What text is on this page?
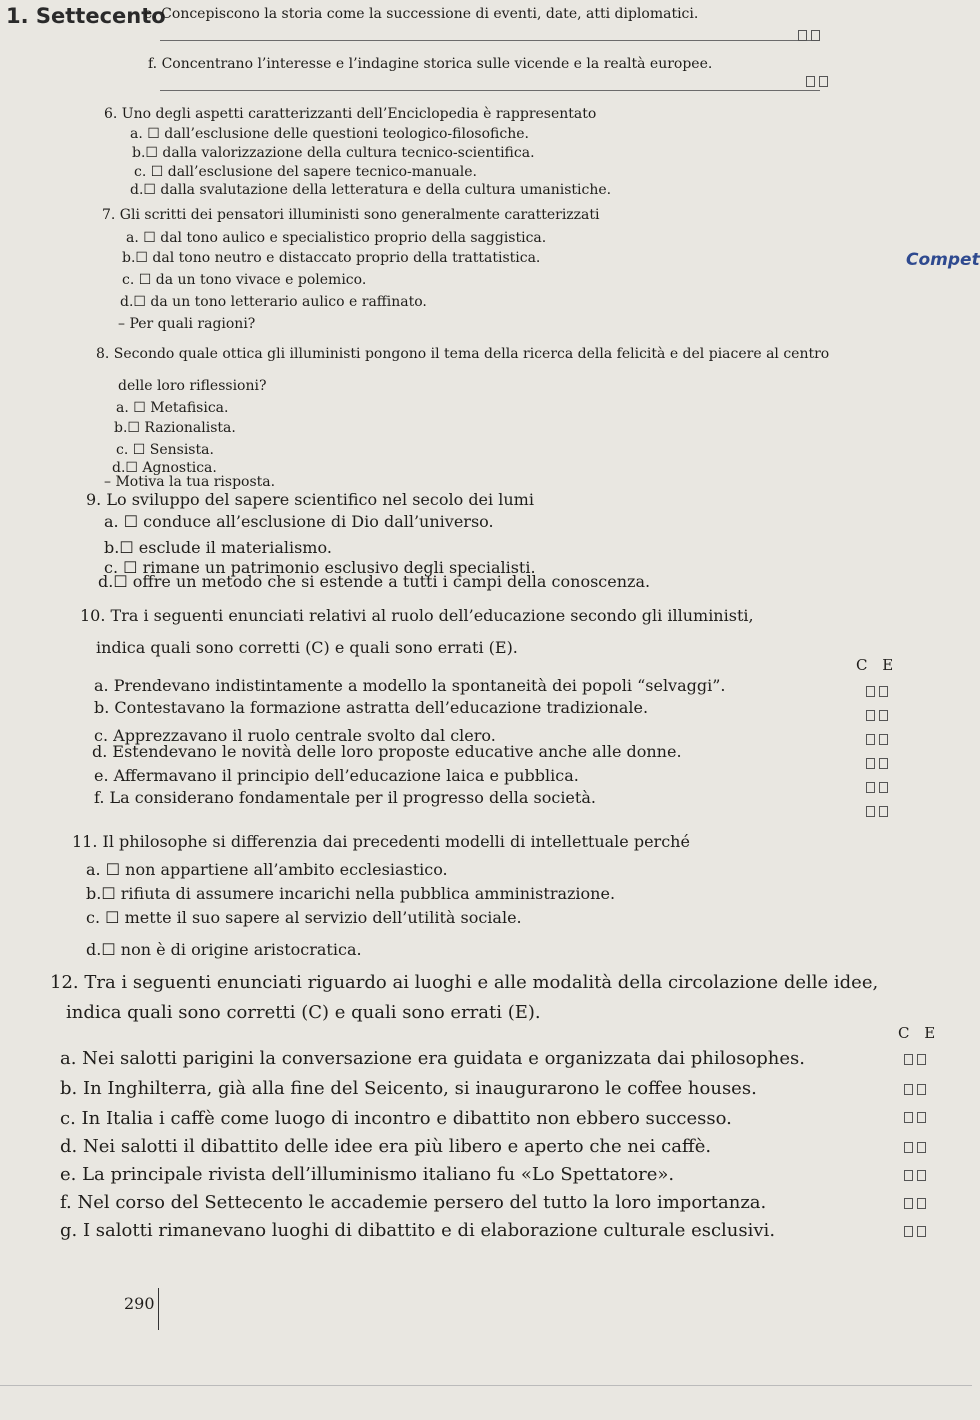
1. Settecento
Compet
e. Concepiscono la storia come la successione di eventi, date, atti diplomatici.
f. Concentrano l’interesse e l’indagine storica sulle vicende e la realtà europee.
6. Uno degli aspetti caratterizzanti dell’Enciclopedia è rappresentato
a. ☐ dall’esclusione delle questioni teologico-filosofiche.
b.☐ dalla valorizzazione della cultura tecnico-scientifica.
c. ☐ dall’esclusione del sapere tecnico-manuale.
d.☐ dalla svalutazione della letteratura e della cultura umanistiche.
7. Gli scritti dei pensatori illuministi sono generalmente caratterizzati
a. ☐ dal tono aulico e specialistico proprio della saggistica.
b.☐ dal tono neutro e distaccato proprio della trattatistica.
c. ☐ da un tono vivace e polemico.
d.☐ da un tono letterario aulico e raffinato.
– Per quali ragioni?
8. Secondo quale ottica gli illuministi pongono il tema della ricerca della felicità e del piacere al centro
delle loro riflessioni?
a. ☐ Metafisica.
b.☐ Razionalista.
c. ☐ Sensista.
d.☐ Agnostica.
– Motiva la tua risposta.
9. Lo sviluppo del sapere scientifico nel secolo dei lumi
a. ☐ conduce all’esclusione di Dio dall’universo.
b.☐ esclude il materialismo.
c. ☐ rimane un patrimonio esclusivo degli specialisti.
d.☐ offre un metodo che si estende a tutti i campi della conoscenza.
10. Tra i seguenti enunciati relativi al ruolo dell’educazione secondo gli illuministi,
indica quali sono corretti (C) e quali sono errati (E).
C E
a. Prendevano indistintamente a modello la spontaneità dei popoli “selvaggi”.
b. Contestavano la formazione astratta dell’educazione tradizionale.
c. Apprezzavano il ruolo centrale svolto dal clero.
d. Estendevano le novità delle loro proposte educative anche alle donne.
e. Affermavano il principio dell’educazione laica e pubblica.
f. La considerano fondamentale per il progresso della società.
11. Il philosophe si differenzia dai precedenti modelli di intellettuale perché
a. ☐ non appartiene all’ambito ecclesiastico.
b.☐ rifiuta di assumere incarichi nella pubblica amministrazione.
c. ☐ mette il suo sapere al servizio dell’utilità sociale.
d.☐ non è di origine aristocratica.
12. Tra i seguenti enunciati riguardo ai luoghi e alle modalità della circolazione delle idee,
indica quali sono corretti (C) e quali sono errati (E).
C E
a. Nei salotti parigini la conversazione era guidata e organizzata dai philosophes.
b. In Inghilterra, già alla fine del Seicento, si inaugurarono le coffee houses.
c. In Italia i caffè come luogo di incontro e dibattito non ebbero successo.
d. Nei salotti il dibattito delle idee era più libero e aperto che nei caffè.
e. La principale rivista dell’illuminismo italiano fu «Lo Spettatore».
f. Nel corso del Settecento le accademie persero del tutto la loro importanza.
g. I salotti rimanevano luoghi di dibattito e di elaborazione culturale esclusivi.
290
